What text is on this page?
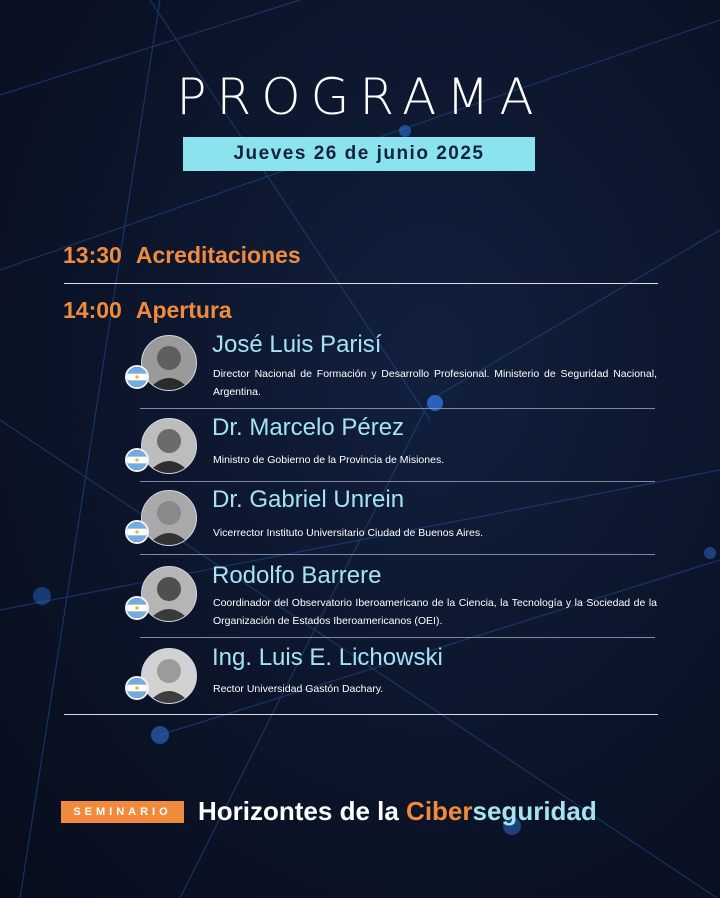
PROGRAMA
Jueves 26 de junio 2025
13:30 Acreditaciones
14:00 Apertura
José Luis Parisí
Director Nacional de Formación y Desarrollo Profesional. Ministerio de Seguridad Nacional, Argentina.
Dr. Marcelo Pérez
Ministro de Gobierno de la Provincia de Misiones.
Dr. Gabriel Unrein
Vicerrector Instituto Universitario Ciudad de Buenos Aires.
Rodolfo Barrere
Coordinador del Observatorio Iberoamericano de la Ciencia, la Tecnología y la Sociedad de la Organización de Estados Iberoamericanos (OEI).
Ing. Luis E. Lichowski
Rector Universidad Gastón Dachary.
SEMINARIO	Horizontes de la Ciberseguridad
